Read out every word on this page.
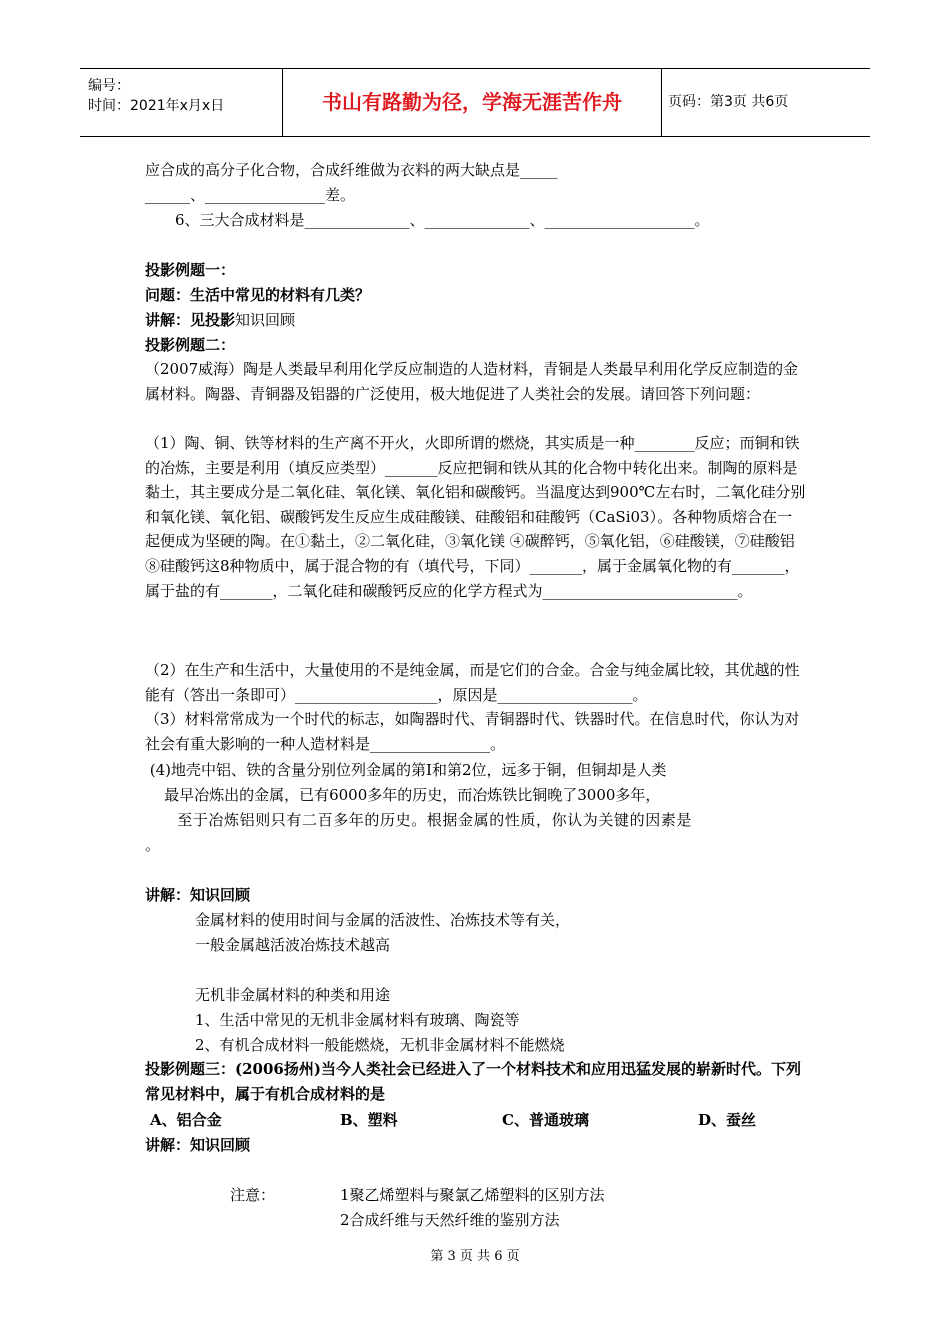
编号：
时间：2021年x月x日	书山有路勤为径，学海无涯苦作舟	页码：第3页 共6页
应合成的高分子化合物，合成纤维做为衣料的两大缺点是_____
______、________________差。
6、三大合成材料是______________、______________、____________________。
投影例题一：
问题：生活中常见的材料有几类？
讲解：见投影知识回顾
投影例题二：
（2007威海）陶是人类最早利用化学反应制造的人造材料，青铜是人类最早利用化学反应制造的金属材料。陶器、青铜器及铝器的广泛使用，极大地促进了人类社会的发展。请回答下列问题：
（1）陶、铜、铁等材料的生产离不开火，火即所谓的燃烧，其实质是一种________反应；而铜和铁的冶炼，主要是利用（填反应类型）_______反应把铜和铁从其的化合物中转化出来。制陶的原料是黏土，其主要成分是二氧化硅、氧化镁、氧化铝和碳酸钙。当温度达到900℃左右时，二氧化硅分别和氧化镁、氧化铝、碳酸钙发生反应生成硅酸镁、硅酸铝和硅酸钙（CaSi03）。各种物质熔合在一起便成为坚硬的陶。在①黏土，②二氧化硅，③氧化镁 ④碳醉钙，⑤氧化铝，⑥硅酸镁，⑦硅酸铝 ⑧硅酸钙这8种物质中，属于混合物的有（填代号，下同）_______，属于金属氧化物的有_______，属于盐的有_______，二氧化硅和碳酸钙反应的化学方程式为__________________________。
（2）在生产和生活中，大量使用的不是纯金属，而是它们的合金。合金与纯金属比较，其优越的性能有（答出一条即可）___________________，原因是__________________。
（3）材料常常成为一个时代的标志，如陶器时代、青铜器时代、铁器时代。在信息时代，你认为对社会有重大影响的一种人造材料是________________。
(4)地壳中铝、铁的含量分别位列金属的第Ⅰ和第2位，远多于铜，但铜却是人类
最早冶炼出的金属，已有6000多年的历史，而冶炼铁比铜晚了3000多年，
至于冶炼铝则只有二百多年的历史。根据金属的性质，你认为关键的因素是
。
讲解：知识回顾
金属材料的使用时间与金属的活波性、冶炼技术等有关，
一般金属越活波冶炼技术越高
无机非金属材料的种类和用途
1、生活中常见的无机非金属材料有玻璃、陶瓷等
2、有机合成材料一般能燃烧，无机非金属材料不能燃烧
投影例题三：(2006扬州)当今人类社会已经进入了一个材料技术和应用迅猛发展的崭新时代。下列常见材料中，属于有机合成材料的是
A、铝合金	B、塑料	C、普通玻璃	D、蚕丝
讲解：知识回顾
注意：	1聚乙烯塑料与聚氯乙烯塑料的区别方法
2合成纤维与天然纤维的鉴别方法
第 3 页 共 6 页
